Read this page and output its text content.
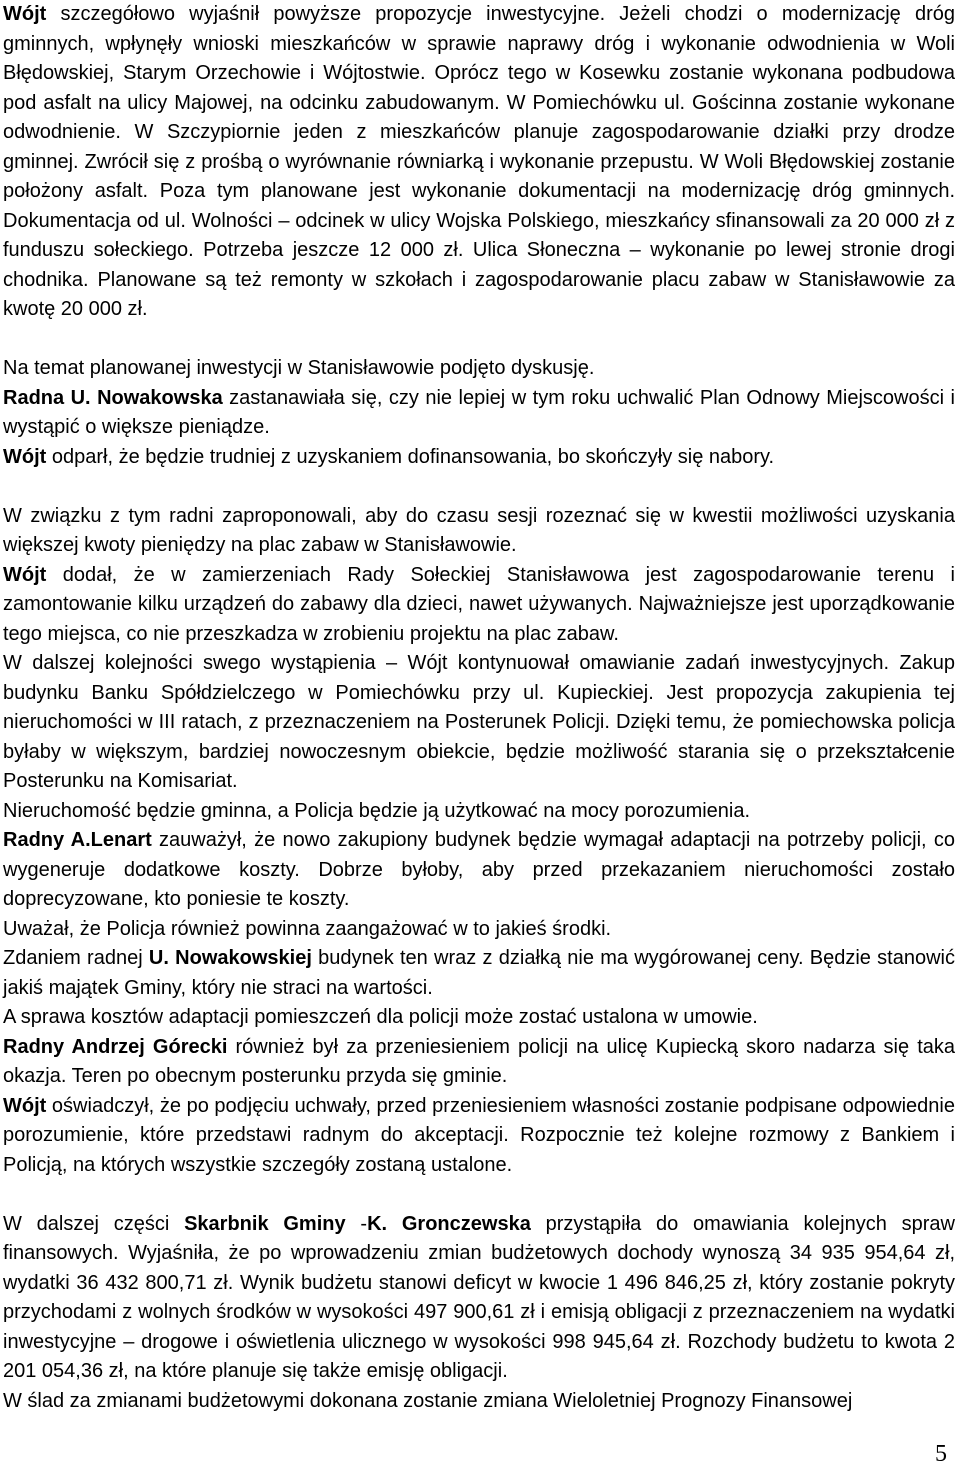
Wójt szczegółowo wyjaśnił powyższe propozycje inwestycyjne. Jeżeli chodzi o modernizację dróg gminnych, wpłynęły wnioski mieszkańców w sprawie naprawy dróg i wykonanie odwodnienia w Woli Błędowskiej, Starym Orzechowie i Wójtostwie. Oprócz tego w Kosewku zostanie wykonana podbudowa pod asfalt na ulicy Majowej, na odcinku zabudowanym. W Pomiechówku ul. Gościnna zostanie wykonane odwodnienie. W Szczypiornie jeden z mieszkańców planuje zagospodarowanie działki przy drodze gminnej. Zwrócił się z prośbą o wyrównanie równiarką i wykonanie przepustu. W Woli Błędowskiej zostanie położony asfalt. Poza tym planowane jest wykonanie dokumentacji na modernizację dróg gminnych. Dokumentacja od ul. Wolności – odcinek w ulicy Wojska Polskiego, mieszkańcy sfinansowali za 20 000 zł z funduszu sołeckiego. Potrzeba jeszcze 12 000 zł. Ulica Słoneczna – wykonanie po lewej stronie drogi chodnika. Planowane są też remonty w szkołach i zagospodarowanie placu zabaw w Stanisławowie za kwotę 20 000 zł.

Na temat planowanej inwestycji w Stanisławowie podjęto dyskusję.

Radna U. Nowakowska zastanawiała się, czy nie lepiej w tym roku uchwalić Plan Odnowy Miejscowości i wystąpić o większe pieniądze.

Wójt odparł, że będzie trudniej z uzyskaniem dofinansowania, bo skończyły się nabory.

W związku z tym radni zaproponowali, aby do czasu sesji rozeznać się w kwestii możliwości uzyskania większej kwoty pieniędzy na plac zabaw w Stanisławowie.

Wójt dodał, że w zamierzeniach Rady Sołeckiej Stanisławowa jest zagospodarowanie terenu i zamontowanie kilku urządzeń do zabawy dla dzieci, nawet używanych. Najważniejsze jest uporządkowanie tego miejsca, co nie przeszkadza w zrobieniu projektu na plac zabaw.

W dalszej kolejności swego wystąpienia – Wójt kontynuował omawianie zadań inwestycyjnych. Zakup budynku Banku Spółdzielczego w Pomiechówku przy ul. Kupieckiej. Jest propozycja zakupienia tej nieruchomości w III ratach, z przeznaczeniem na Posterunek Policji. Dzięki temu, że pomiechowska policja byłaby w większym, bardziej nowoczesnym obiekcie, będzie możliwość starania się o przekształcenie Posterunku na Komisariat.

Nieruchomość będzie gminna, a Policja będzie ją użytkować na mocy porozumienia.

Radny A.Lenart zauważył, że nowo zakupiony budynek będzie wymagał adaptacji na potrzeby policji, co wygeneruje dodatkowe koszty. Dobrze byłoby, aby przed przekazaniem nieruchomości zostało doprecyzowane, kto poniesie te koszty.

Uważał, że Policja również powinna zaangażować w to jakieś środki.

Zdaniem radnej U. Nowakowskiej budynek ten wraz z działką nie ma wygórowanej ceny. Będzie stanowić jakiś majątek Gminy, który nie straci na wartości.

A sprawa kosztów adaptacji pomieszczeń dla policji może zostać ustalona w umowie.

Radny Andrzej Górecki również był za przeniesieniem policji na ulicę Kupiecką skoro nadarza się taka okazja. Teren po obecnym posterunku przyda się gminie.

Wójt oświadczył, że po podjęciu uchwały, przed przeniesieniem własności zostanie podpisane odpowiednie porozumienie, które przedstawi radnym do akceptacji. Rozpocznie też kolejne rozmowy z Bankiem i Policją, na których wszystkie szczegóły zostaną ustalone.

W dalszej części Skarbnik Gminy -K. Gronczewska przystąpiła do omawiania kolejnych spraw finansowych. Wyjaśniła, że po wprowadzeniu zmian budżetowych dochody wynoszą 34 935 954,64 zł, wydatki 36 432 800,71 zł. Wynik budżetu stanowi deficyt w kwocie 1 496 846,25 zł, który zostanie pokryty przychodami z wolnych środków w wysokości 497 900,61 zł i emisją obligacji z przeznaczeniem na wydatki inwestycyjne – drogowe i oświetlenia ulicznego w wysokości 998 945,64 zł. Rozchody budżetu to kwota 2 201 054,36 zł, na które planuje się także emisję obligacji.

W ślad za zmianami budżetowymi dokonana zostanie zmiana Wieloletniej Prognozy Finansowej

5
